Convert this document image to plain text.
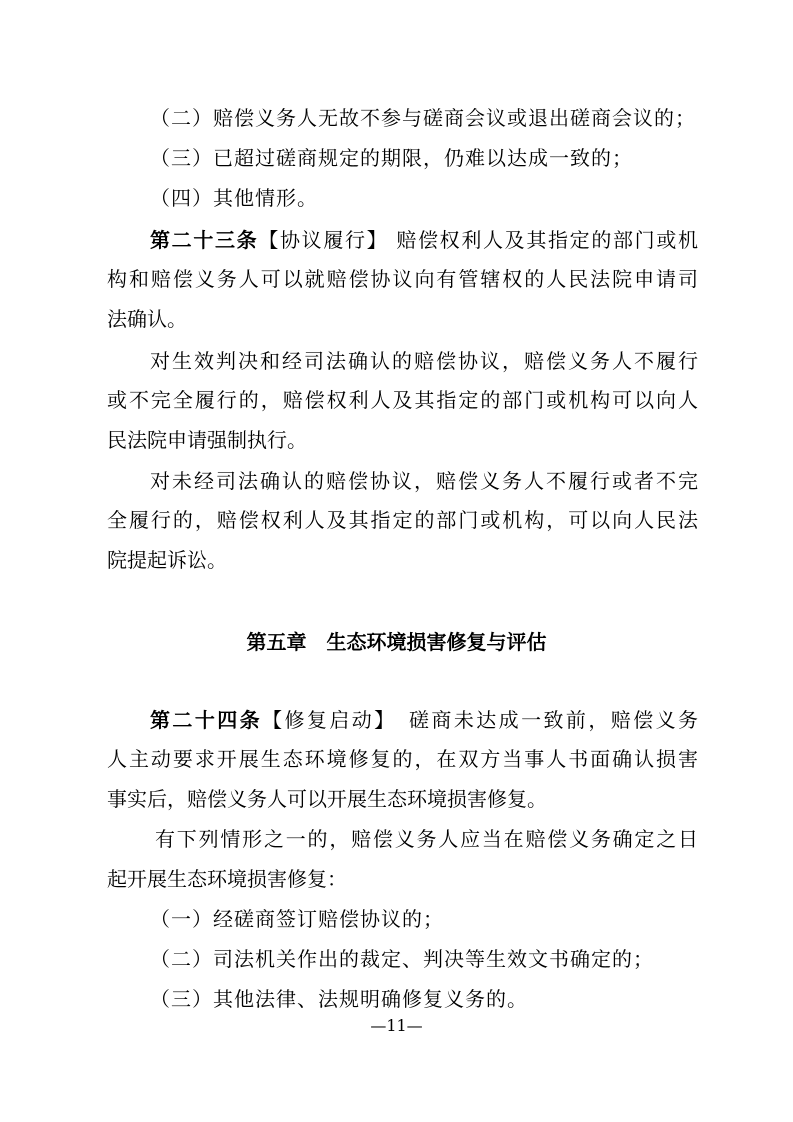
（二）赔偿义务人无故不参与磋商会议或退出磋商会议的；
（三）已超过磋商规定的期限，仍难以达成一致的；
（四）其他情形。
第二十三条【协议履行】 赔偿权利人及其指定的部门或机
构和赔偿义务人可以就赔偿协议向有管辖权的人民法院申请司
法确认。
对生效判决和经司法确认的赔偿协议，赔偿义务人不履行
或不完全履行的，赔偿权利人及其指定的部门或机构可以向人
民法院申请强制执行。
对未经司法确认的赔偿协议，赔偿义务人不履行或者不完
全履行的，赔偿权利人及其指定的部门或机构，可以向人民法
院提起诉讼。
第五章　生态环境损害修复与评估
第二十四条【修复启动】　磋商未达成一致前，赔偿义务
人主动要求开展生态环境修复的，在双方当事人书面确认损害
事实后，赔偿义务人可以开展生态环境损害修复。
有下列情形之一的，赔偿义务人应当在赔偿义务确定之日
起开展生态环境损害修复：
（一）经磋商签订赔偿协议的；
（二）司法机关作出的裁定、判决等生效文书确定的；
（三）其他法律、法规明确修复义务的。
—11—
